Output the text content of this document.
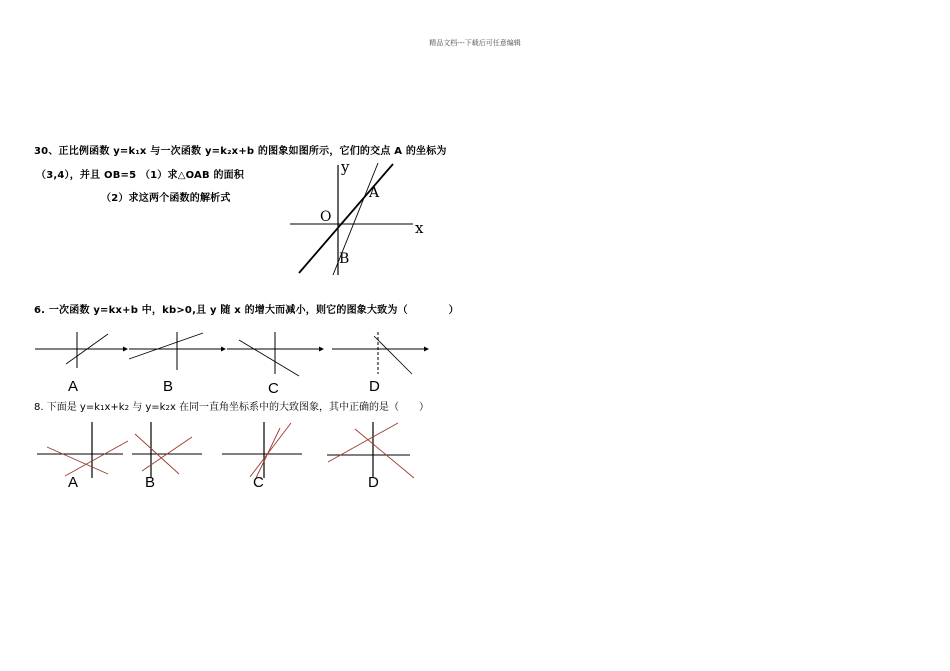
精品文档---下载后可任意编辑
30、正比例函数 y=k₁x 与一次函数 y=k₂x+b 的图象如图所示，它们的交点 A 的坐标为
（3,4），并且 OB=5 （1）求△OAB 的面积
（2）求这两个函数的解析式
y
x
O
A
B
6. 一次函数 y=kx+b 中，kb>0,且 y 随 x 的增大而减小，则它的图象大致为（　　　　）
A	B	C	D
8. 下面是 y=k1x+k2 与 y=k2x 在同一直角坐标系中的大致图象，其中正确的是（　　）
A	B	C	D
